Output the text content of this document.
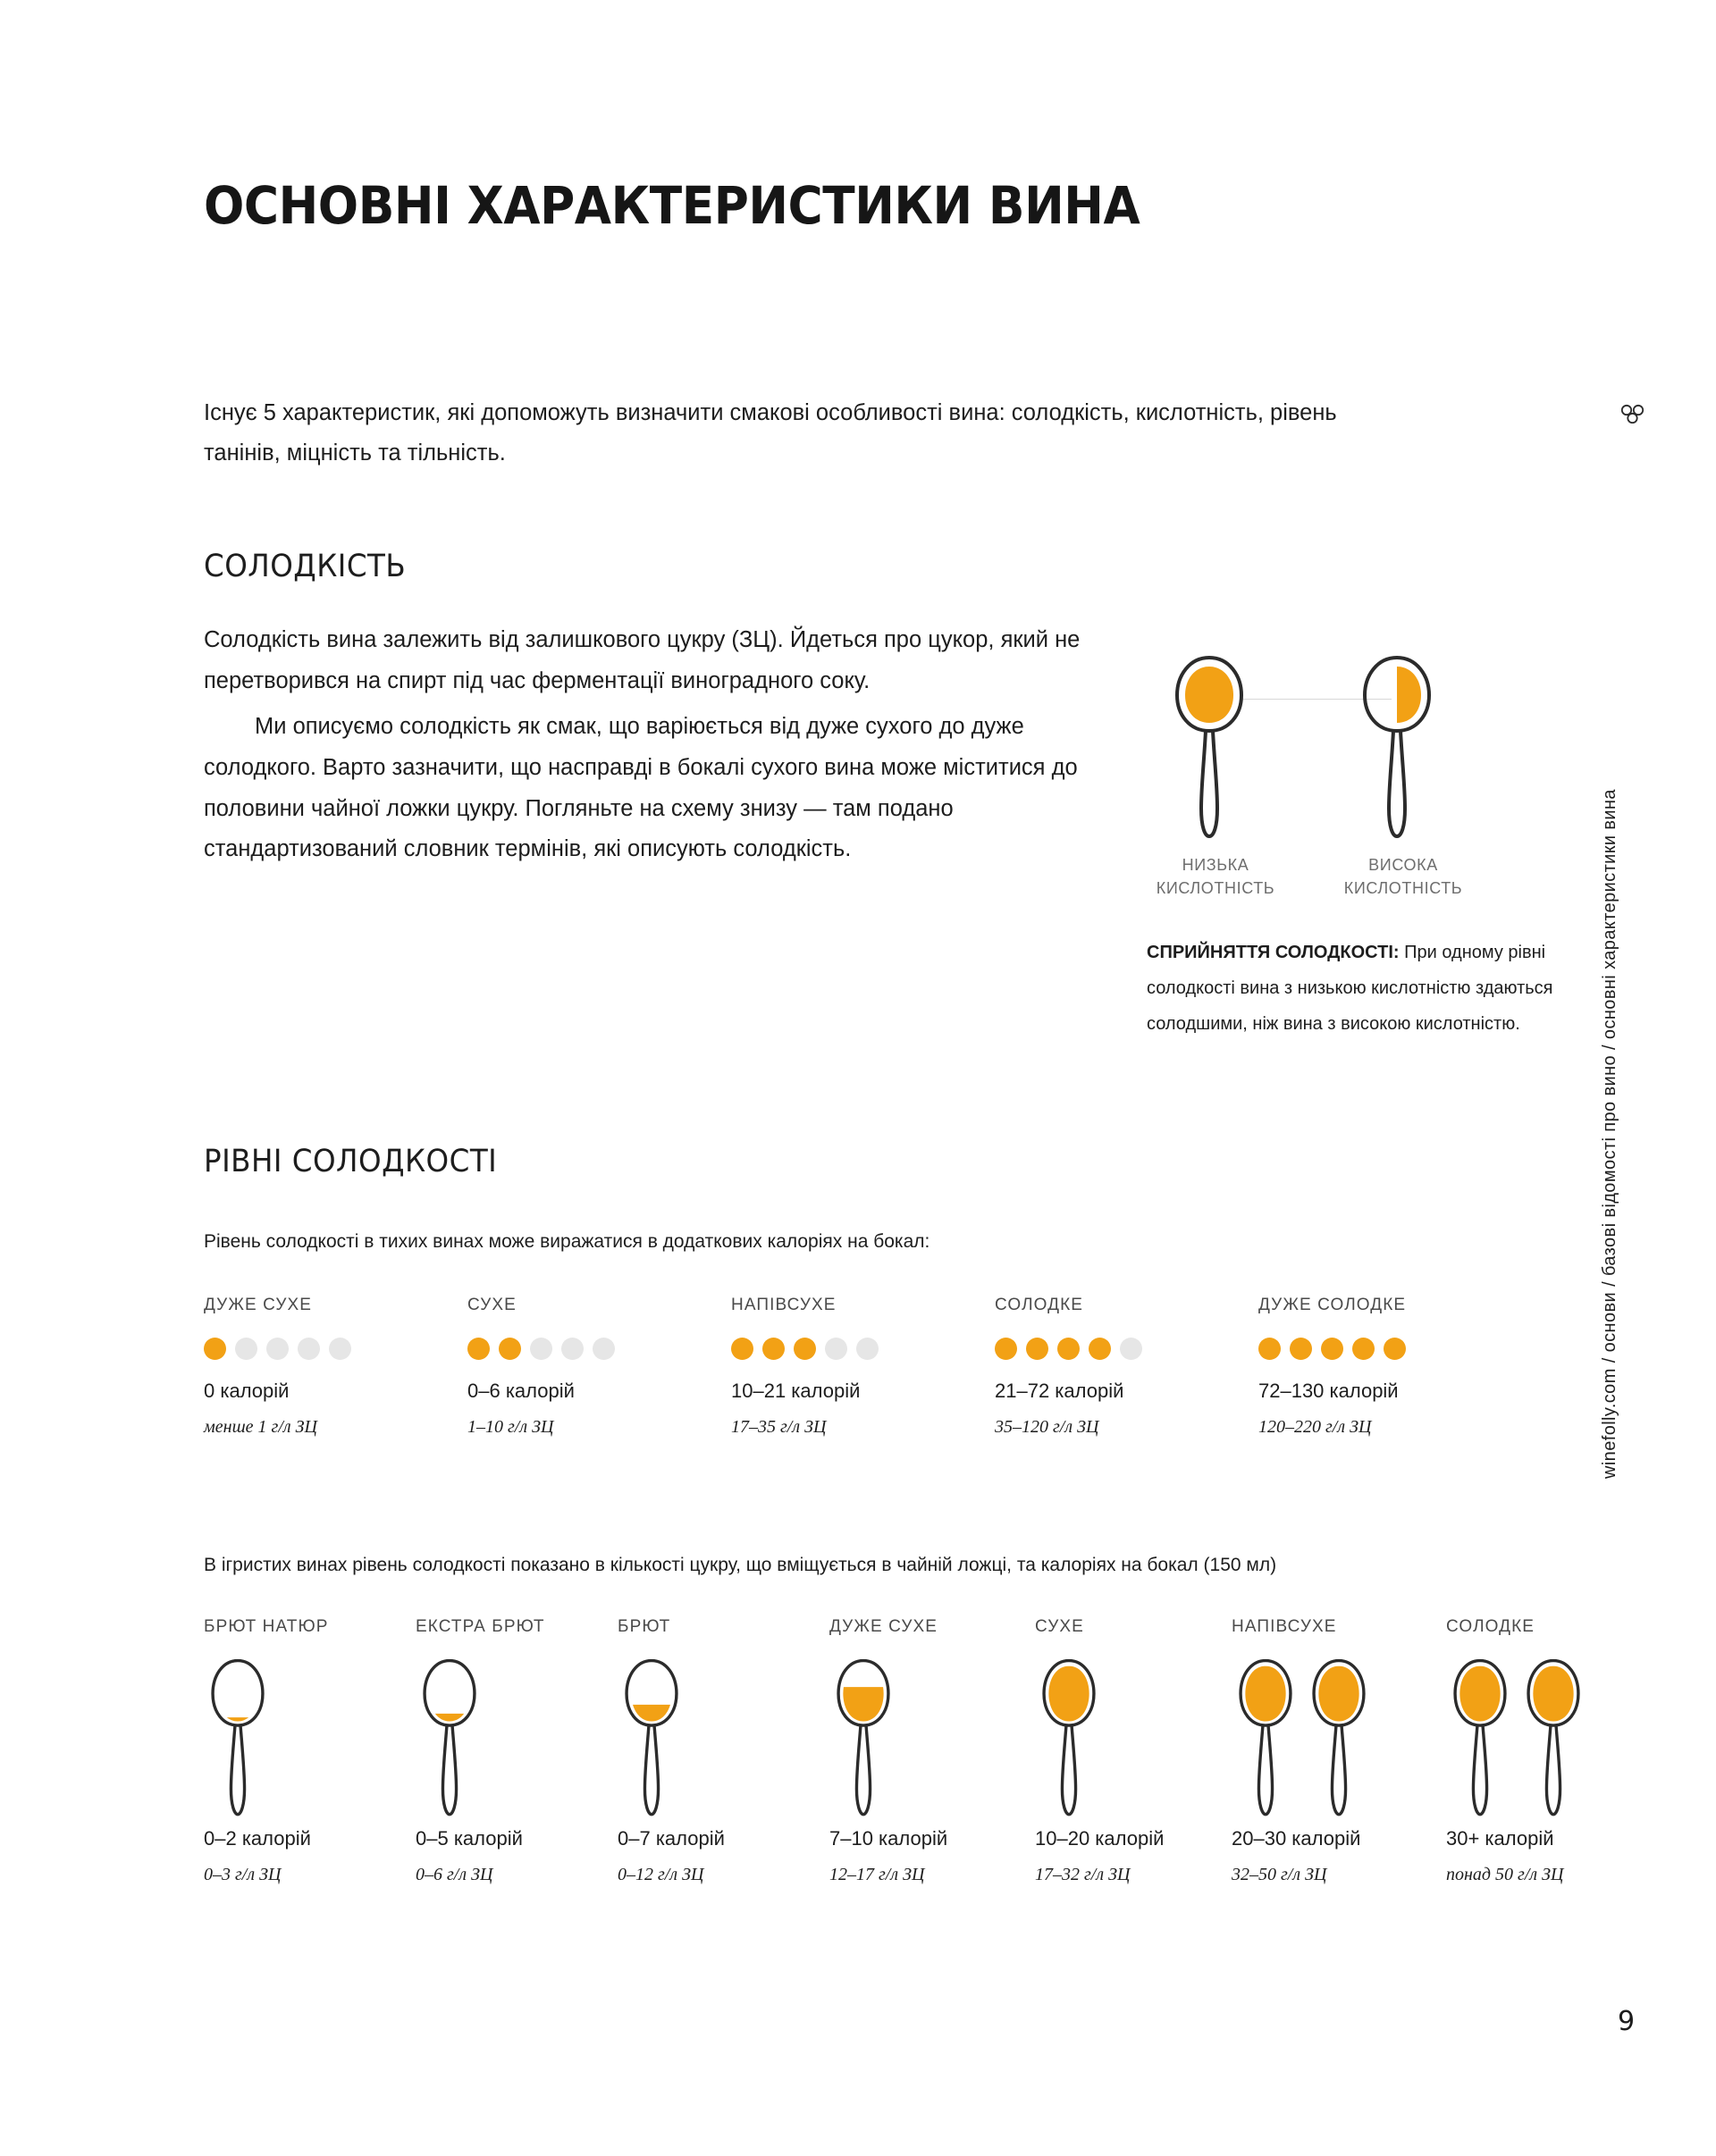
ОСНОВНІ ХАРАКТЕРИСТИКИ ВИНА
Існує 5 характеристик, які допоможуть визначити смакові особливості вина: солодкість, кислотність, рівень танінів, міцність та тільність.
СОЛОДКІСТЬ

Солодкість вина залежить від залишкового цукру (ЗЦ). Йдеться про цукор, який не перетворився на спирт під час ферментації виноградного соку.

Ми описуємо солодкість як смак, що варіюється від дуже сухого до дуже солодкого. Варто зазначити, що насправді в бокалі сухого вина може міститися до половини чайної ложки цукру. Погляньте на схему знизу — там подано стандартизований словник термінів, які описують солодкість.

НИЗЬКА КИСЛОТНІСТЬ
ВИСОКА КИСЛОТНІСТЬ
СПРИЙНЯТТЯ СОЛОДКОСТІ: При одному рівні солодкості вина з низькою кислотністю здаються солодшими, ніж вина з високою кислотністю.	winefolly.com / основи / базові відомості про вино / основні характеристики вина
РІВНІ СОЛОДКОСТІ
Рівень солодкості в тихих винах може виражатися в додаткових калоріях на бокал:
ДУЖЕ СУХЕ
0 калорій
менше 1 г/л ЗЦ
СУХЕ
0–6 калорій
1–10 г/л ЗЦ
НАПІВСУХЕ
10–21 калорій
17–35 г/л ЗЦ
СОЛОДКЕ
21–72 калорій
35–120 г/л ЗЦ
ДУЖЕ СОЛОДКЕ
72–130 калорій
120–220 г/л ЗЦ
В ігристих винах рівень солодкості показано в кількості цукру, що вміщується в чайній ложці, та калоріях на бокал (150 мл)
БРЮТ НАТЮР
0–2 калорій
0–3 г/л ЗЦ
ЕКСТРА БРЮТ
0–5 калорій
0–6 г/л ЗЦ
БРЮТ
0–7 калорій
0–12 г/л ЗЦ
ДУЖЕ СУХЕ
7–10 калорій
12–17 г/л ЗЦ
СУХЕ
10–20 калорій
17–32 г/л ЗЦ
НАПІВСУХЕ
20–30 калорій
32–50 г/л ЗЦ
СОЛОДКЕ
30+ калорій
понад 50 г/л ЗЦ
9
